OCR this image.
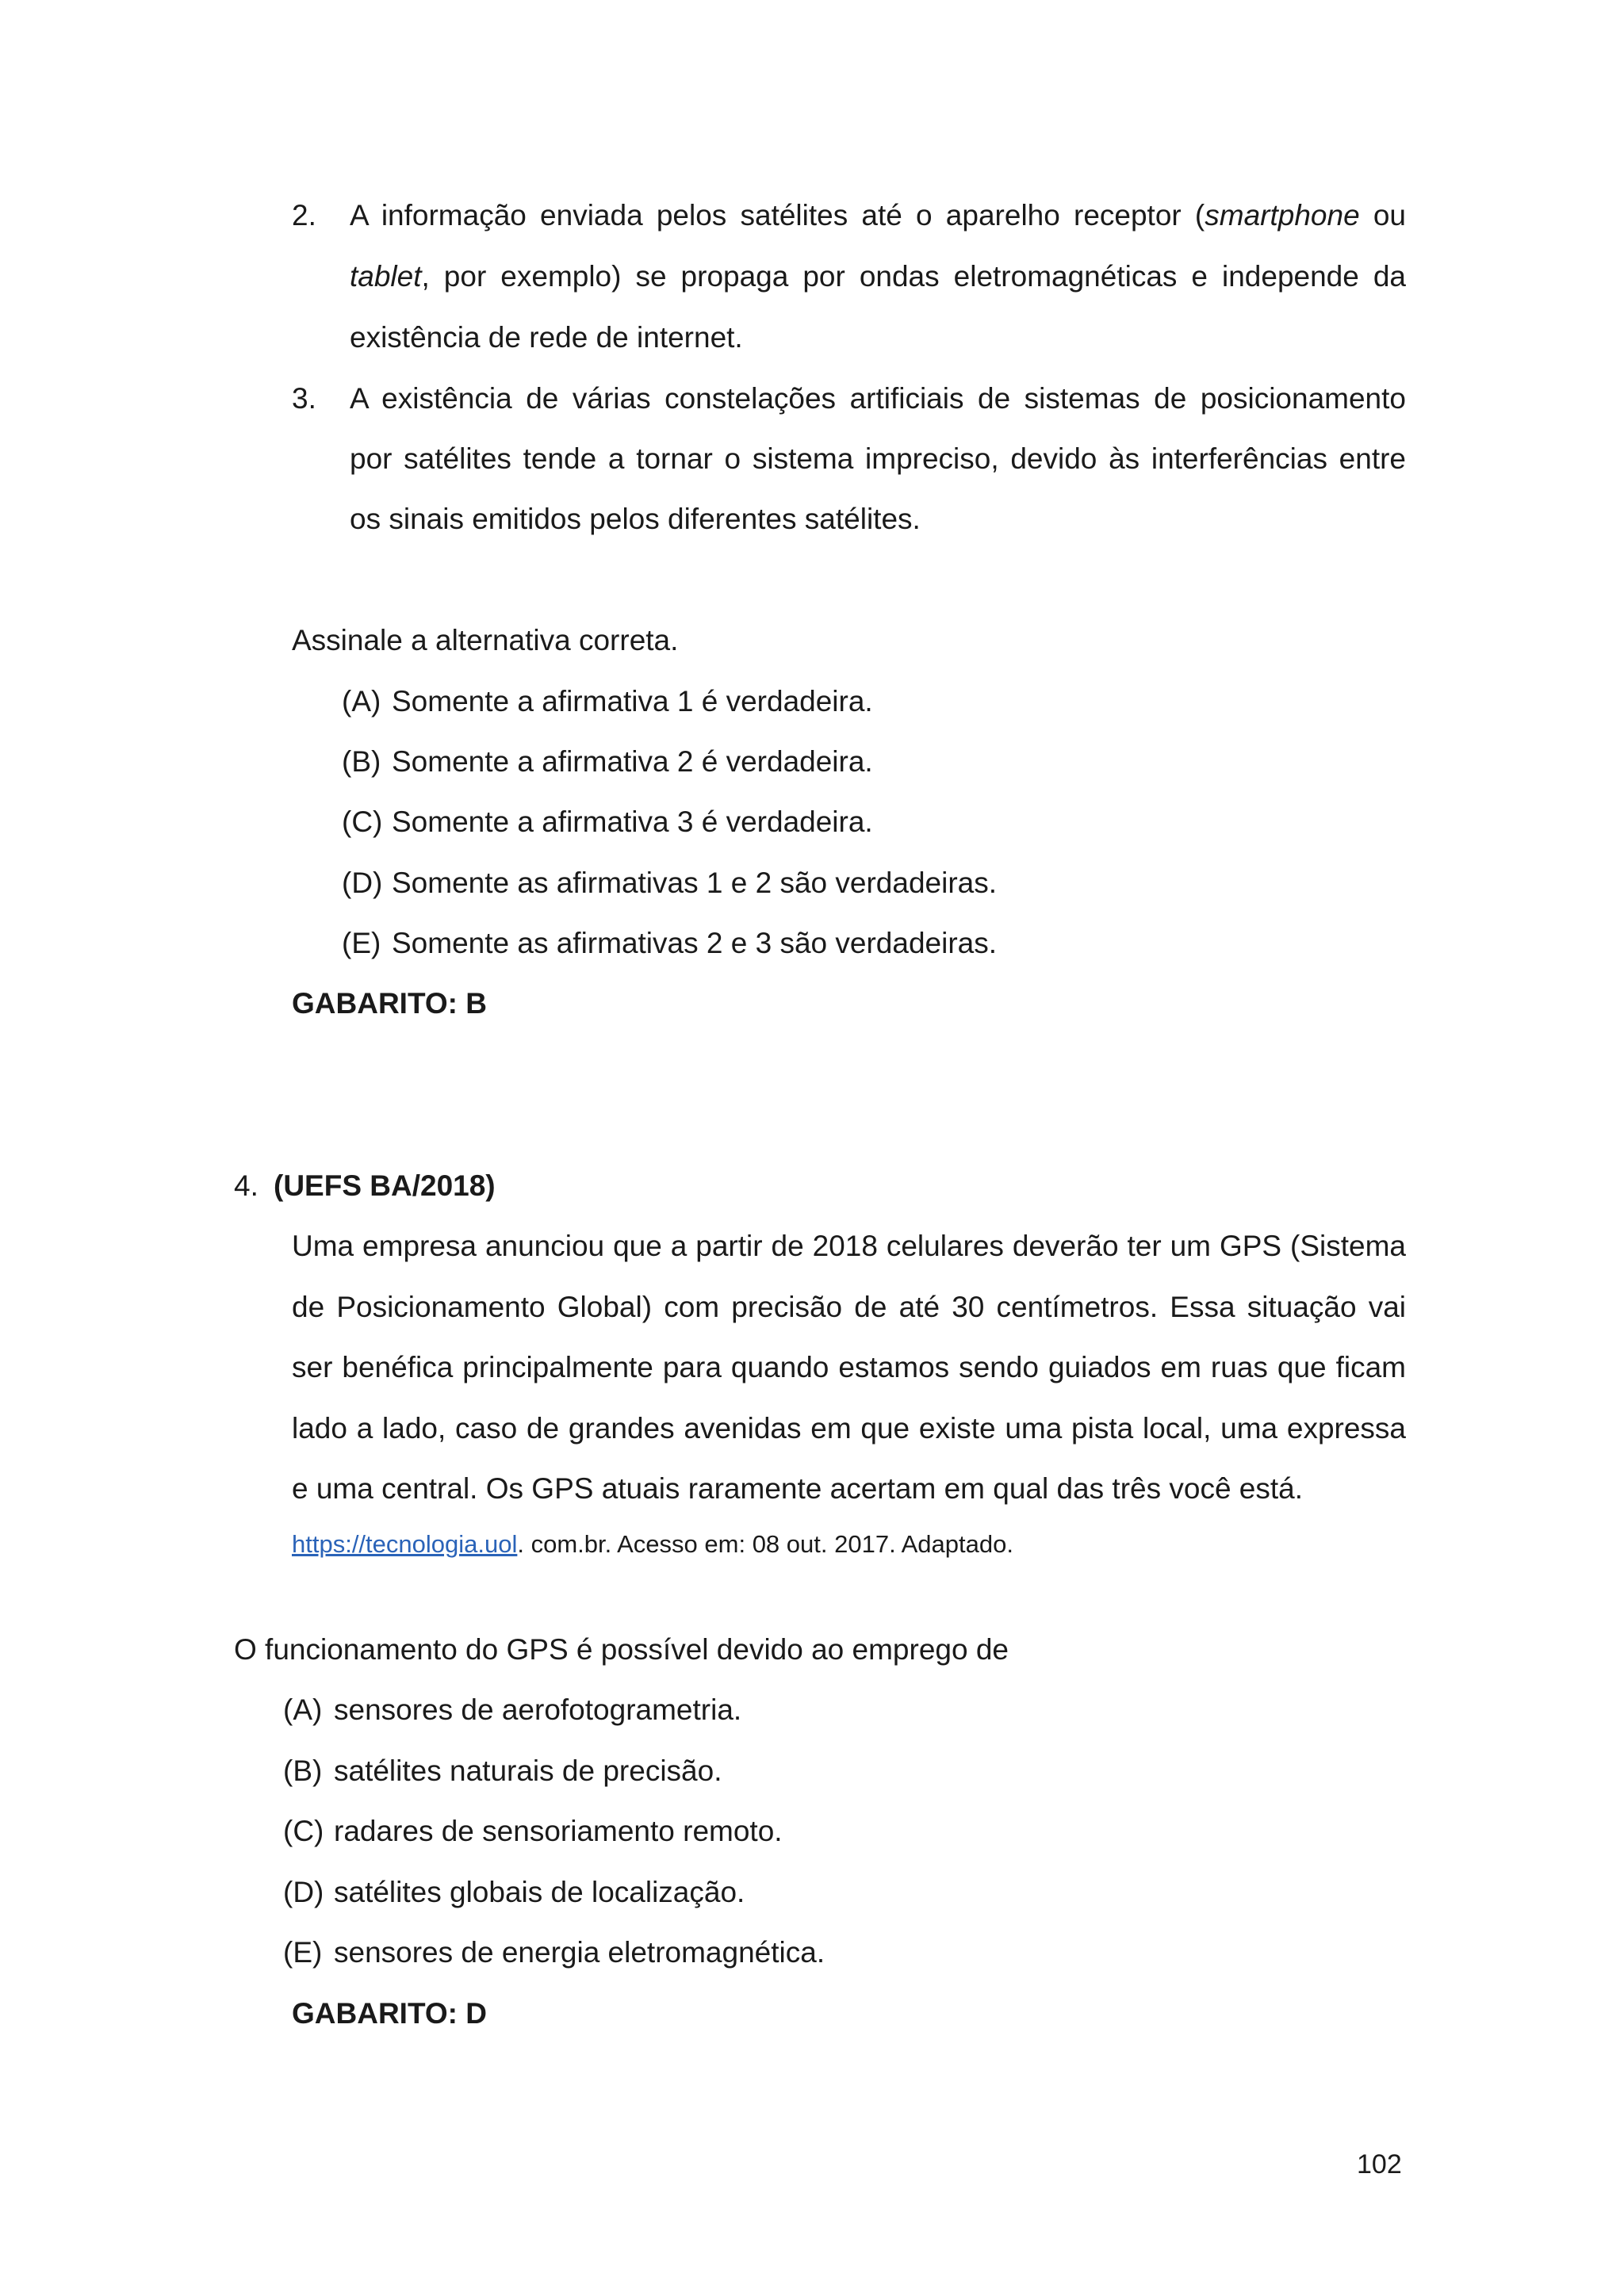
2. A informação enviada pelos satélites até o aparelho receptor (smartphone ou
tablet, por exemplo) se propaga por ondas eletromagnéticas e independe da
existência de rede de internet.
3. A existência de várias constelações artificiais de sistemas de posicionamento
por satélites tende a tornar o sistema impreciso, devido às interferências entre
os sinais emitidos pelos diferentes satélites.
Assinale a alternativa correta.
(A) Somente a afirmativa 1 é verdadeira.
(B) Somente a afirmativa 2 é verdadeira.
(C) Somente a afirmativa 3 é verdadeira.
(D) Somente as afirmativas 1 e 2 são verdadeiras.
(E) Somente as afirmativas 2 e 3 são verdadeiras.
GABARITO: B
4. (UEFS BA/2018)
Uma empresa anunciou que a partir de 2018 celulares deverão ter um GPS (Sistema
de Posicionamento Global) com precisão de até 30 centímetros. Essa situação vai
ser benéfica principalmente para quando estamos sendo guiados em ruas que ficam
lado a lado, caso de grandes avenidas em que existe uma pista local, uma expressa
e uma central. Os GPS atuais raramente acertam em qual das três você está.
https://tecnologia.uol. com.br. Acesso em: 08 out. 2017. Adaptado.
O funcionamento do GPS é possível devido ao emprego de
(A) sensores de aerofotogrametria.
(B) satélites naturais de precisão.
(C) radares de sensoriamento remoto.
(D) satélites globais de localização.
(E) sensores de energia eletromagnética.
GABARITO: D
102
